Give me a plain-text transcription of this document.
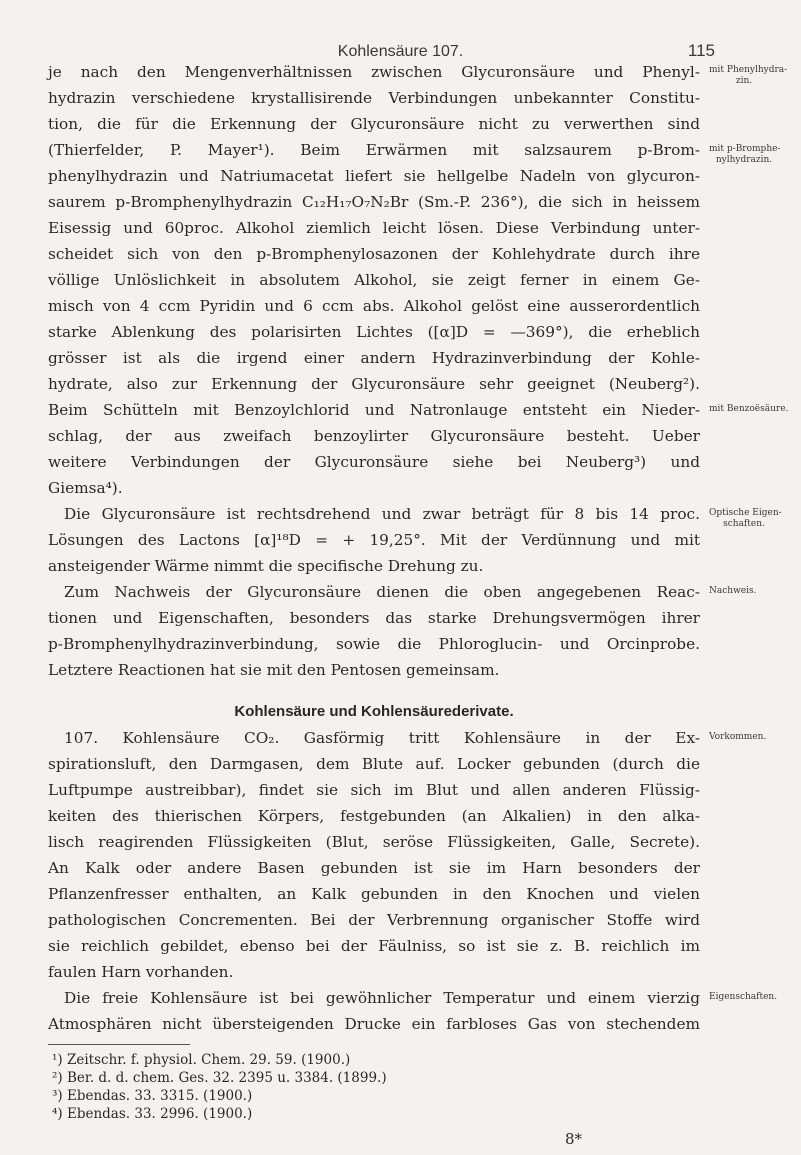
Kohlensäure 107.	115
je nach den Mengenverhältnissen zwischen Glycuronsäure und Phenyl-
hydrazin verschiedene krystallisirende Verbindungen unbekannter Constitu-
tion, die für die Erkennung der Glycuronsäure nicht zu verwerthen sind
(Thierfelder, P. Mayer¹). Beim Erwärmen mit salzsaurem p-Brom-
phenylhydrazin und Natriumacetat liefert sie hellgelbe Nadeln von glycuron-
saurem p-Bromphenylhydrazin C₁₂H₁₇O₇N₂Br (Sm.-P. 236°), die sich in heissem
Eisessig und 60proc. Alkohol ziemlich leicht lösen. Diese Verbindung unter-
scheidet sich von den p-Bromphenylosazonen der Kohlehydrate durch ihre
völlige Unlöslichkeit in absolutem Alkohol, sie zeigt ferner in einem Ge-
misch von 4 ccm Pyridin und 6 ccm abs. Alkohol gelöst eine ausserordentlich
starke Ablenkung des polarisirten Lichtes ([α]D = —369°), die erheblich
grösser ist als die irgend einer andern Hydrazinverbindung der Kohle-
hydrate, also zur Erkennung der Glycuronsäure sehr geeignet (Neuberg²).
Beim Schütteln mit Benzoylchlorid und Natronlauge entsteht ein Nieder-
schlag, der aus zweifach benzoylirter Glycuronsäure besteht. Ueber
weitere Verbindungen der Glycuronsäure siehe bei Neuberg³) und
Giemsa⁴).
Die Glycuronsäure ist rechtsdrehend und zwar beträgt für 8 bis 14 proc.
Lösungen des Lactons [α]¹⁸D = + 19,25°. Mit der Verdünnung und mit
ansteigender Wärme nimmt die specifische Drehung zu.
Zum Nachweis der Glycuronsäure dienen die oben angegebenen Reac-
tionen und Eigenschaften, besonders das starke Drehungsvermögen ihrer
p-Bromphenylhydrazinverbindung, sowie die Phloroglucin- und Orcinprobe.
Letztere Reactionen hat sie mit den Pentosen gemeinsam.
Kohlensäure und Kohlensäurederivate.
107. Kohlensäure CO₂. Gasförmig tritt Kohlensäure in der Ex-
spirationsluft, den Darmgasen, dem Blute auf. Locker gebunden (durch die
Luftpumpe austreibbar), findet sie sich im Blut und allen anderen Flüssig-
keiten des thierischen Körpers, festgebunden (an Alkalien) in den alka-
lisch reagirenden Flüssigkeiten (Blut, seröse Flüssigkeiten, Galle, Secrete).
An Kalk oder andere Basen gebunden ist sie im Harn besonders der
Pflanzenfresser enthalten, an Kalk gebunden in den Knochen und vielen
pathologischen Concrementen. Bei der Verbrennung organischer Stoffe wird
sie reichlich gebildet, ebenso bei der Fäulniss, so ist sie z. B. reichlich im
faulen Harn vorhanden.
Die freie Kohlensäure ist bei gewöhnlicher Temperatur und einem vierzig
Atmosphären nicht übersteigenden Drucke ein farbloses Gas von stechendem
mit Phenylhydra-
zin.
mit p-Bromphe-
nylhydrazin.
mit Benzoësäure.
Optische Eigen-
schaften.
Nachweis.
Vorkommen.
Eigenschaften.
¹) Zeitschr. f. physiol. Chem. 29. 59. (1900.)
²) Ber. d. d. chem. Ges. 32. 2395 u. 3384. (1899.)
³) Ebendas. 33. 3315. (1900.)
⁴) Ebendas. 33. 2996. (1900.)
8*
